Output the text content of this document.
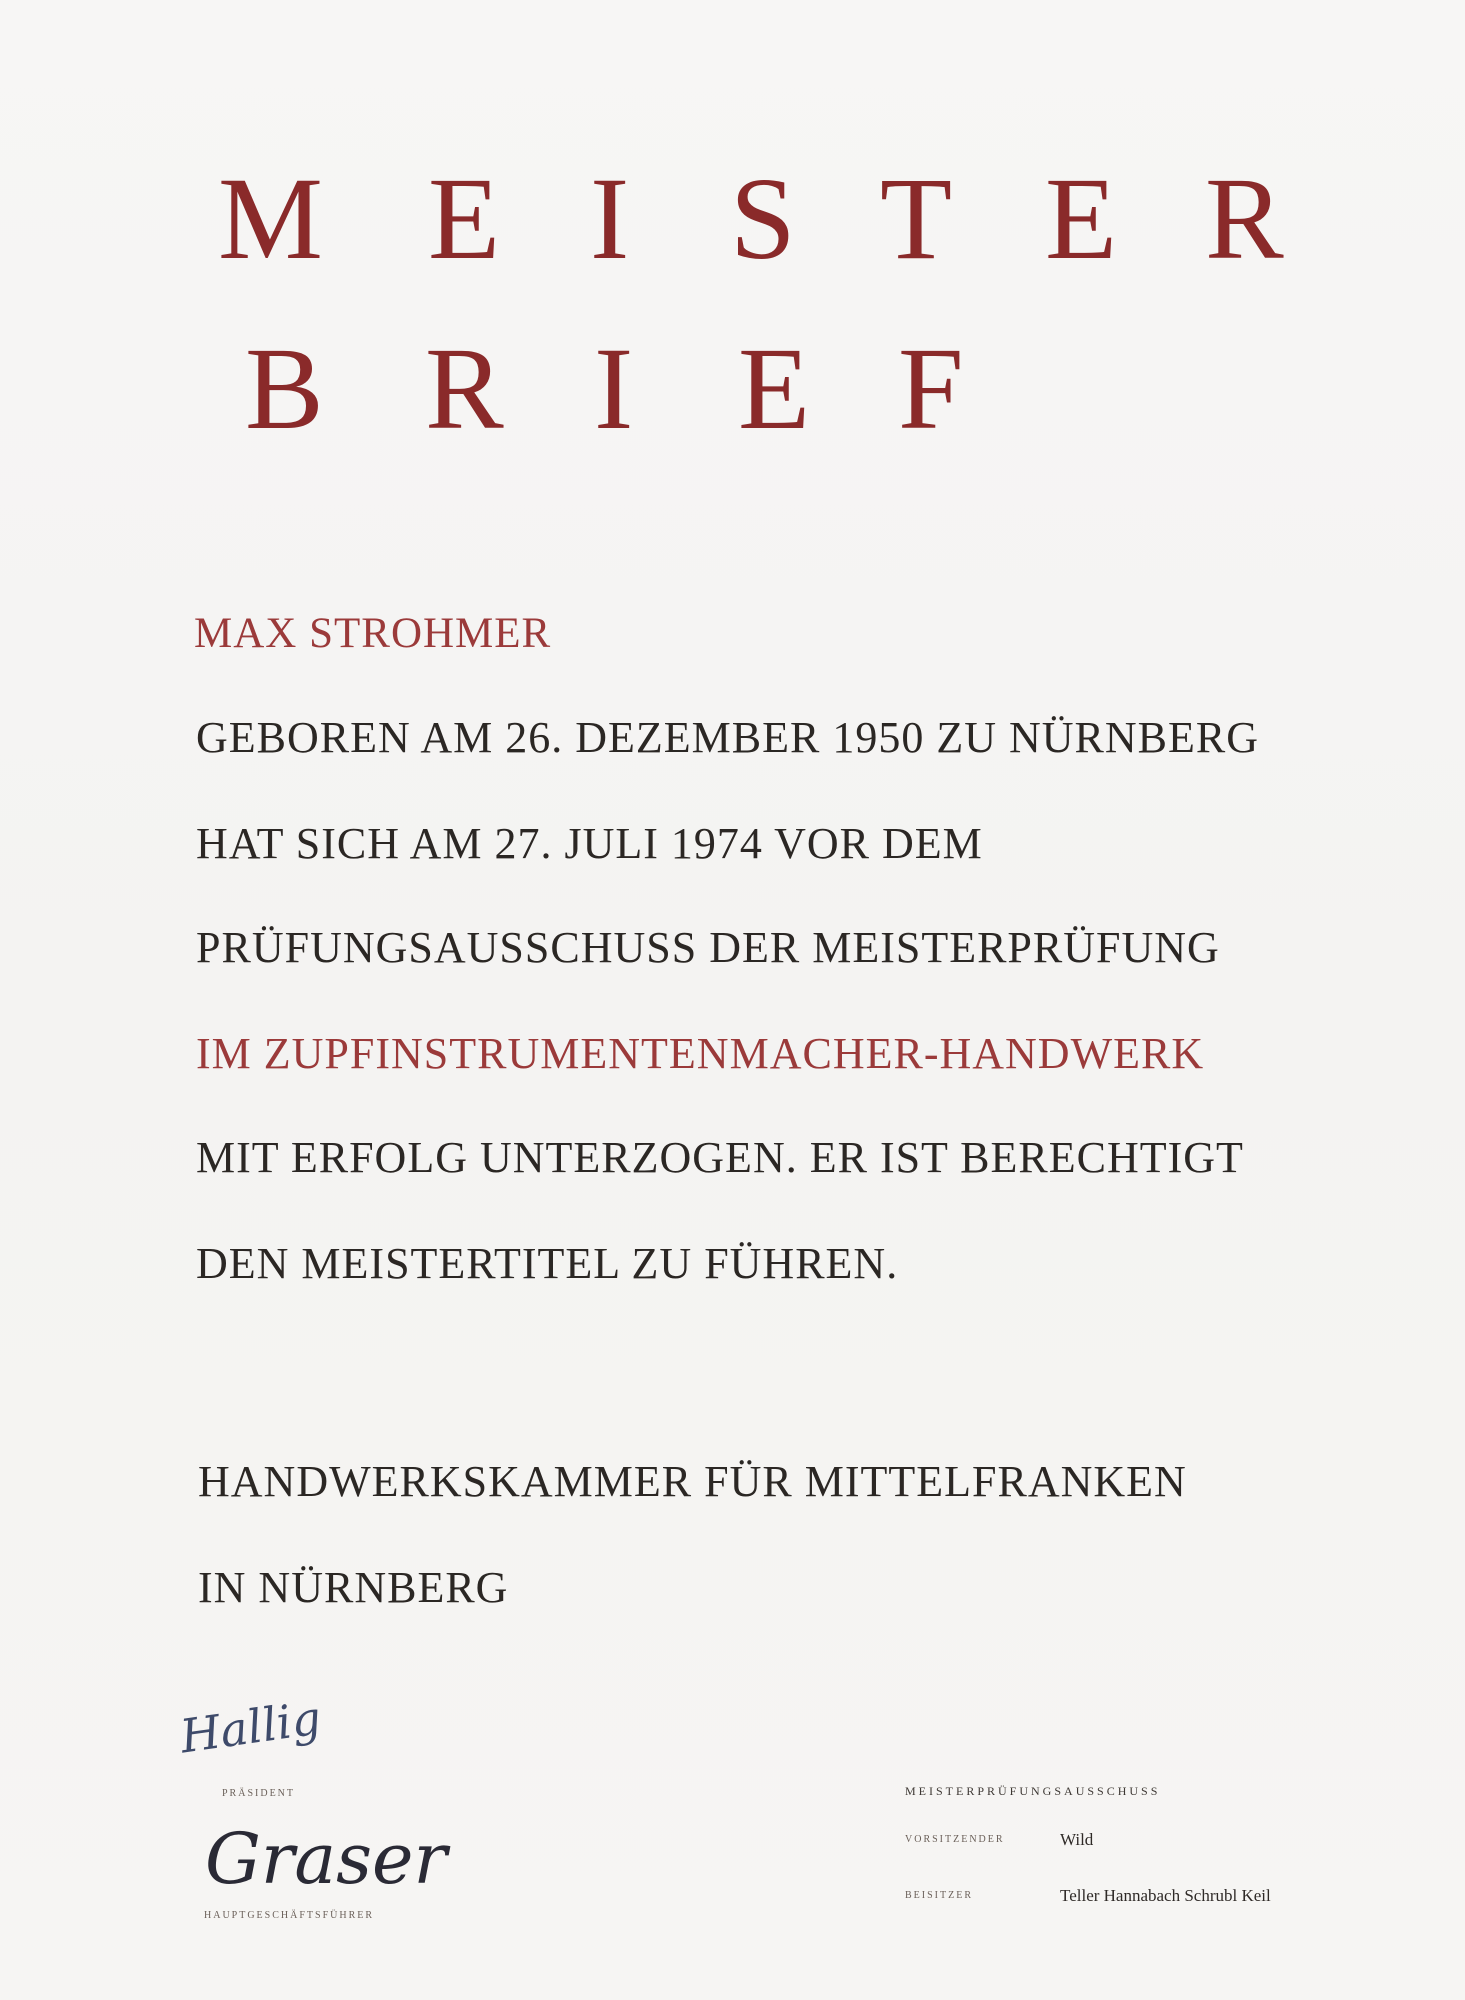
M E I S T E R
B R I E F
MAX STROHMER
GEBOREN AM 26. DEZEMBER 1950 ZU NÜRNBERG
HAT SICH AM 27. JULI 1974 VOR DEM
PRÜFUNGSAUSSCHUSS DER MEISTERPRÜFUNG
IM ZUPFINSTRUMENTENMACHER-HANDWERK
MIT ERFOLG UNTERZOGEN. ER IST BERECHTIGT
DEN MEISTERTITEL ZU FÜHREN.
HANDWERKSKAMMER FÜR MITTELFRANKEN
IN NÜRNBERG
Hallig
PRÄSIDENT
Graser
HAUPTGESCHÄFTSFÜHRER
MEISTERPRÜFUNGSAUSSCHUSS
VORSITZENDER	Wild
BEISITZER	Teller Hannabach Schrubl Keil
